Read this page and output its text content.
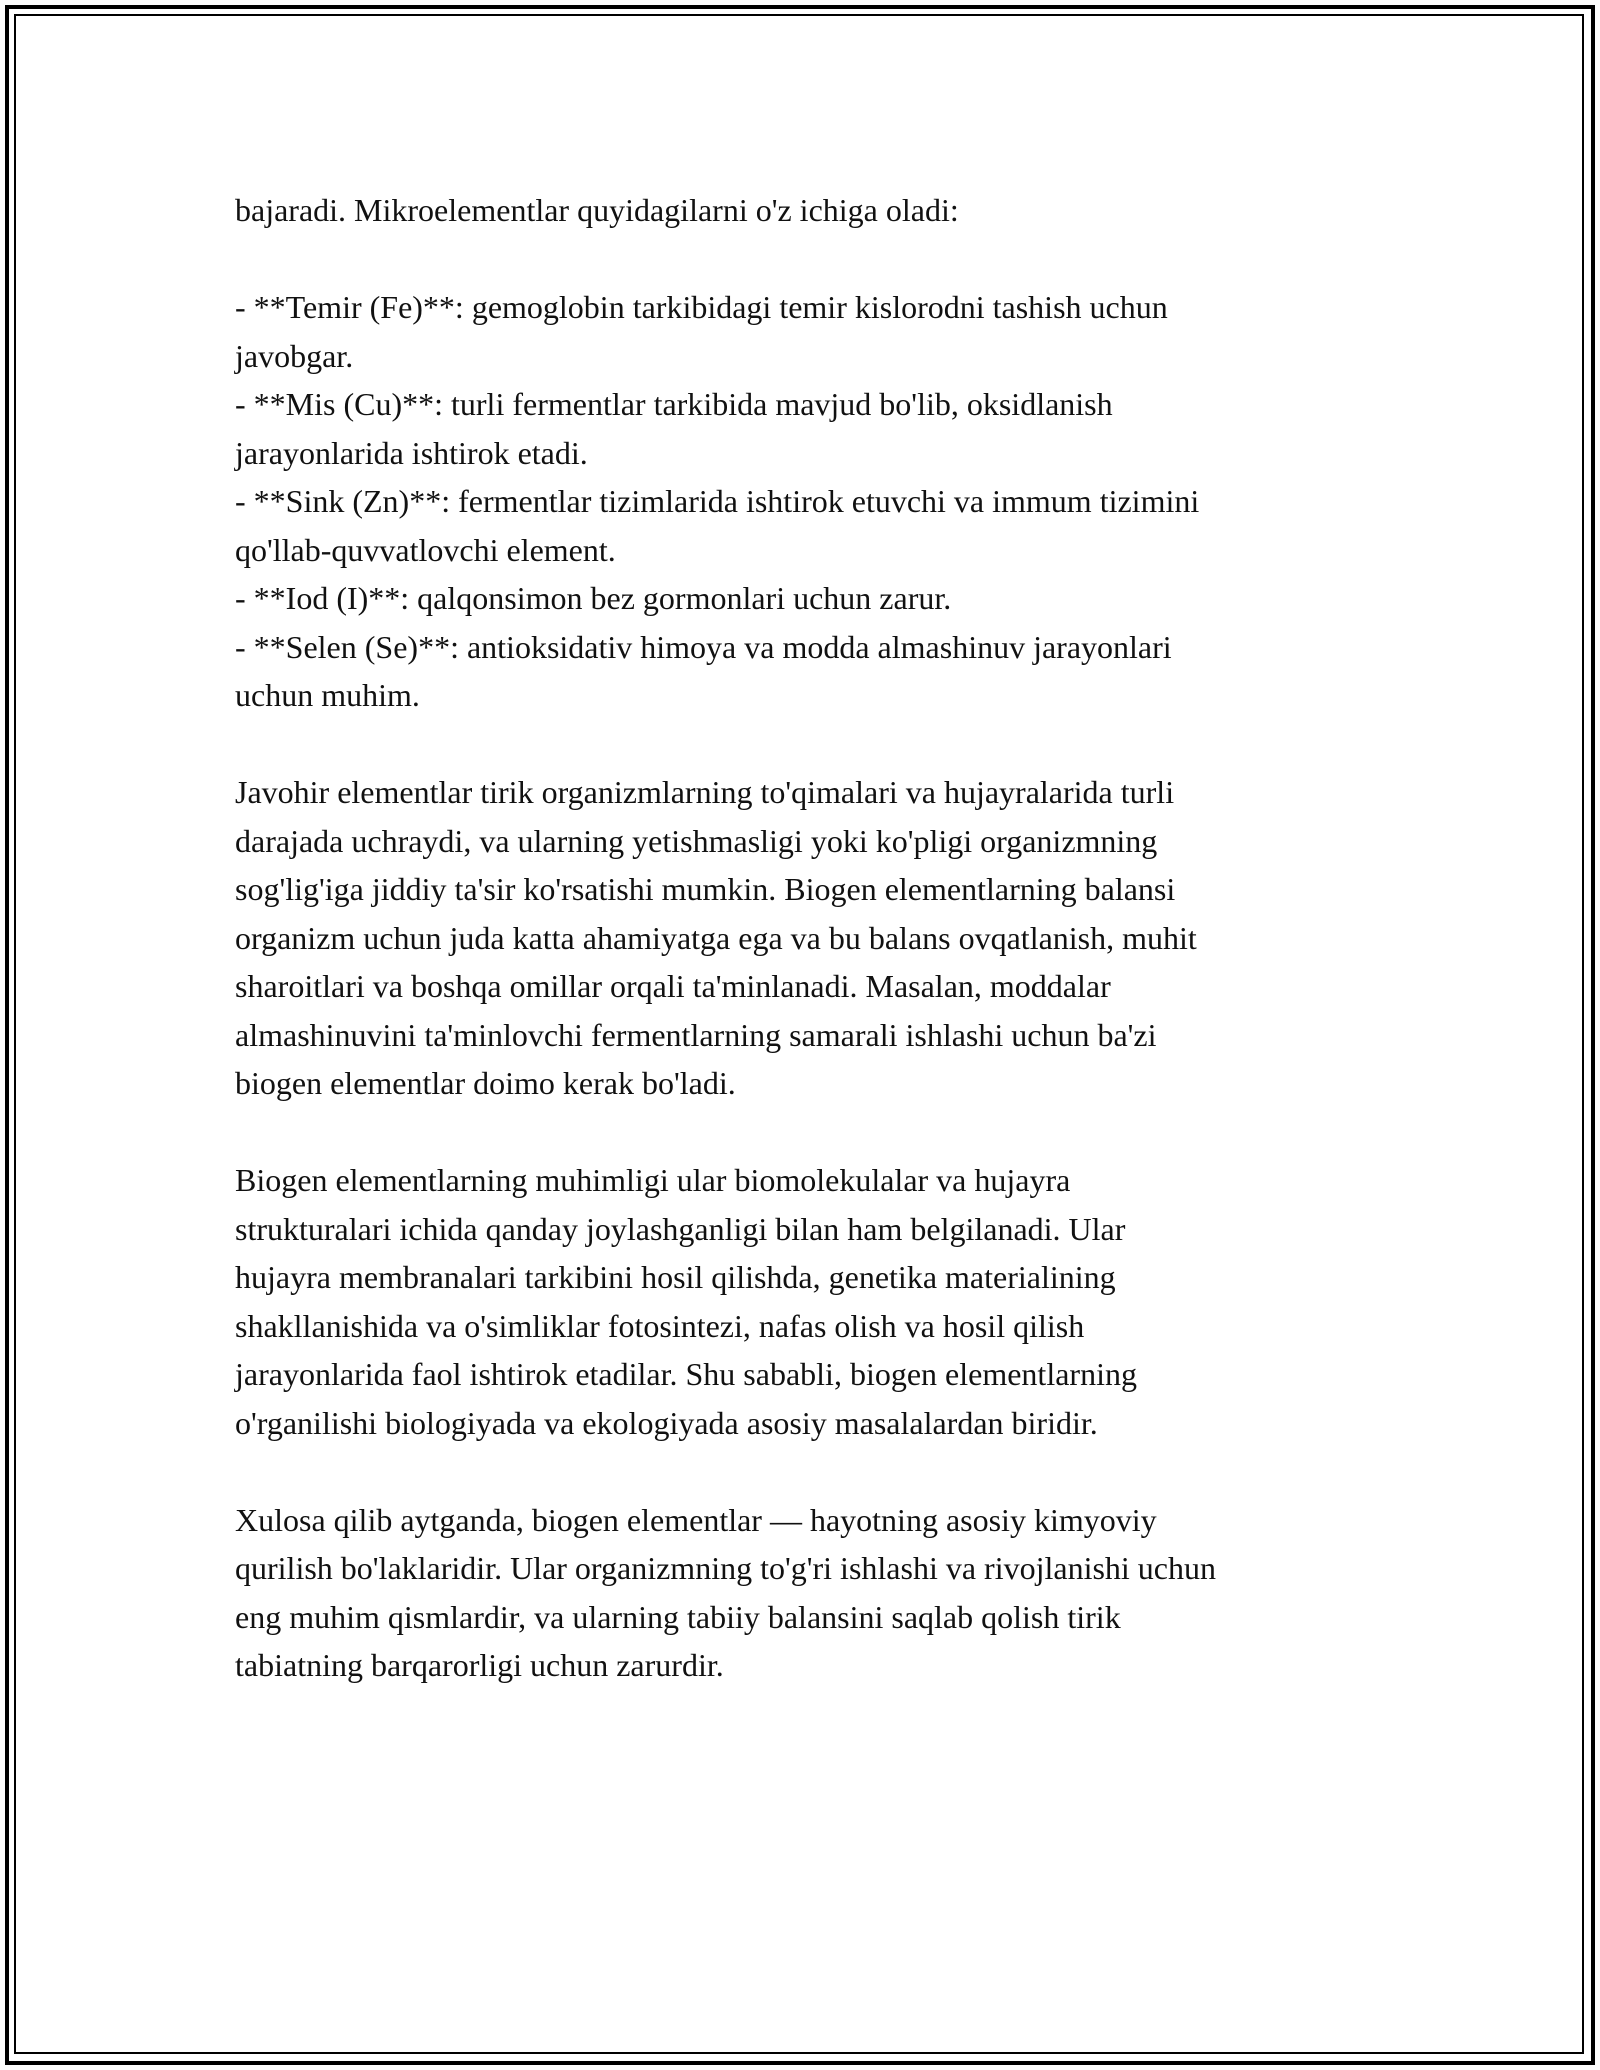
bajaradi. Mikroelementlar quyidagilarni o'z ichiga oladi:
- **Temir (Fe)**: gemoglobin tarkibidagi temir kislorodni tashish uchun
javobgar.
- **Mis (Cu)**: turli fermentlar tarkibida mavjud bo'lib, oksidlanish
jarayonlarida ishtirok etadi.
- **Sink (Zn)**: fermentlar tizimlarida ishtirok etuvchi va immum tizimini
qo'llab-quvvatlovchi element.
- **Iod (I)**: qalqonsimon bez gormonlari uchun zarur.
- **Selen (Se)**: antioksidativ himoya va modda almashinuv jarayonlari
uchun muhim.
Javohir elementlar tirik organizmlarning to'qimalari va hujayralarida turli
darajada uchraydi, va ularning yetishmasligi yoki ko'pligi organizmning
sog'lig'iga jiddiy ta'sir ko'rsatishi mumkin. Biogen elementlarning balansi
organizm uchun juda katta ahamiyatga ega va bu balans ovqatlanish, muhit
sharoitlari va boshqa omillar orqali ta'minlanadi. Masalan, moddalar
almashinuvini ta'minlovchi fermentlarning samarali ishlashi uchun ba'zi
biogen elementlar doimo kerak bo'ladi.
Biogen elementlarning muhimligi ular biomolekulalar va hujayra
strukturalari ichida qanday joylashganligi bilan ham belgilanadi. Ular
hujayra membranalari tarkibini hosil qilishda, genetika materialining
shakllanishida va o'simliklar fotosintezi, nafas olish va hosil qilish
jarayonlarida faol ishtirok etadilar. Shu sababli, biogen elementlarning
o'rganilishi biologiyada va ekologiyada asosiy masalalardan biridir.
Xulosa qilib aytganda, biogen elementlar — hayotning asosiy kimyoviy
qurilish bo'laklaridir. Ular organizmning to'g'ri ishlashi va rivojlanishi uchun
eng muhim qismlardir, va ularning tabiiy balansini saqlab qolish tirik
tabiatning barqarorligi uchun zarurdir.
